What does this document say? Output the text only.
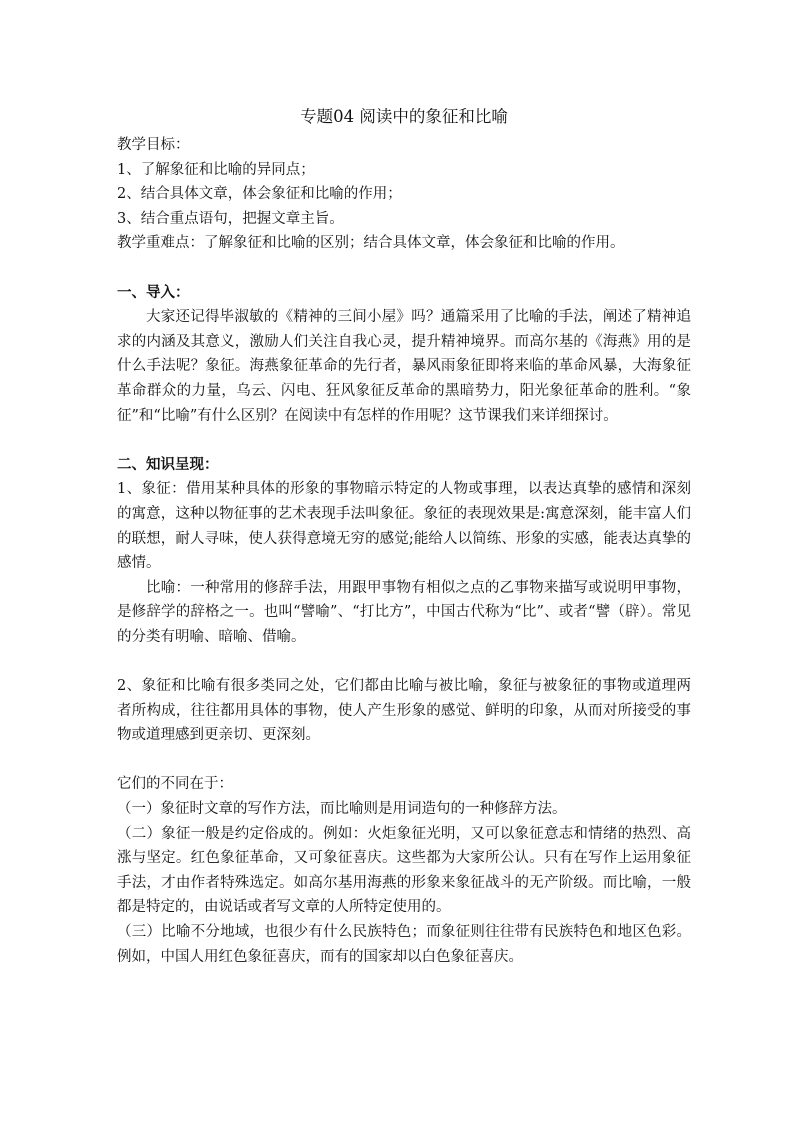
专题04 阅读中的象征和比喻

教学目标：

1、了解象征和比喻的异同点；

2、结合具体文章，体会象征和比喻的作用；

3、结合重点语句，把握文章主旨。

教学重难点：了解象征和比喻的区别；结合具体文章，体会象征和比喻的作用。

一、导入：

大家还记得毕淑敏的《精神的三间小屋》吗？通篇采用了比喻的手法，阐述了精神追求的内涵及其意义，激励人们关注自我心灵，提升精神境界。而高尔基的《海燕》用的是什么手法呢？象征。海燕象征革命的先行者，暴风雨象征即将来临的革命风暴，大海象征革命群众的力量，乌云、闪电、狂风象征反革命的黑暗势力，阳光象征革命的胜利。“象征”和“比喻”有什么区别？在阅读中有怎样的作用呢？这节课我们来详细探讨。

二、知识呈现：

1、象征：借用某种具体的形象的事物暗示特定的人物或事理，以表达真挚的感情和深刻的寓意，这种以物征事的艺术表现手法叫象征。象征的表现效果是:寓意深刻，能丰富人们的联想，耐人寻味，使人获得意境无穷的感觉;能给人以简练、形象的实感，能表达真挚的感情。

比喻：一种常用的修辞手法，用跟甲事物有相似之点的乙事物来描写或说明甲事物，是修辞学的辞格之一。也叫“譬喻”、“打比方”，中国古代称为“比”、或者“譬（辟）。常见的分类有明喻、暗喻、借喻。

2、象征和比喻有很多类同之处，它们都由比喻与被比喻，象征与被象征的事物或道理两者所构成，往往都用具体的事物，使人产生形象的感觉、鲜明的印象，从而对所接受的事物或道理感到更亲切、更深刻。

它们的不同在于：

（一）象征时文章的写作方法，而比喻则是用词造句的一种修辞方法。

（二）象征一般是约定俗成的。例如：火炬象征光明，又可以象征意志和情绪的热烈、高涨与坚定。红色象征革命，又可象征喜庆。这些都为大家所公认。只有在写作上运用象征手法，才由作者特殊选定。如高尔基用海燕的形象来象征战斗的无产阶级。而比喻，一般都是特定的，由说话或者写文章的人所特定使用的。

（三）比喻不分地域，也很少有什么民族特色；而象征则往往带有民族特色和地区色彩。例如，中国人用红色象征喜庆，而有的国家却以白色象征喜庆。
